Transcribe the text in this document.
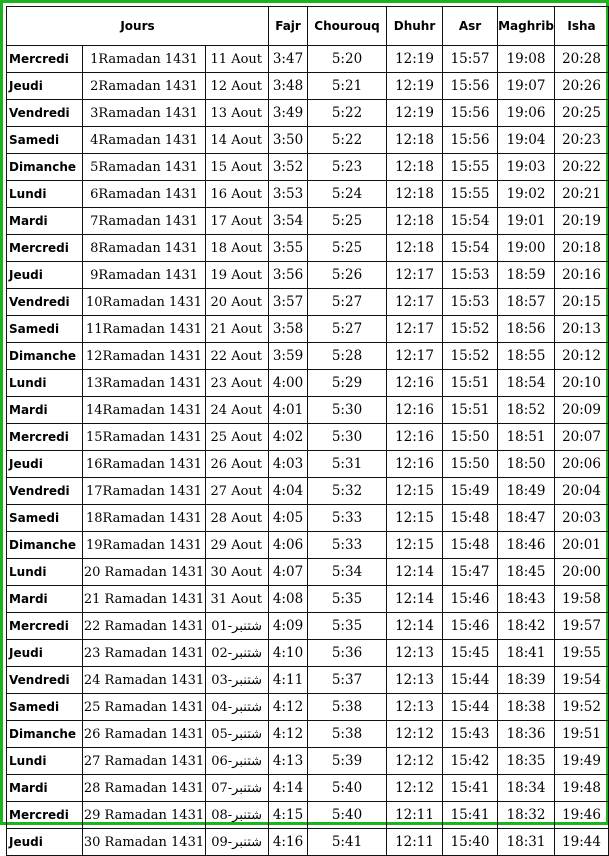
Jours			Fajr	Chourouq	Dhuhr	Asr	Maghrib	Isha
Mercredi	1Ramadan 1431	11 Aout	3:47	5:20	12:19	15:57	19:08	20:28
Jeudi	2Ramadan 1431	12 Aout	3:48	5:21	12:19	15:56	19:07	20:26
Vendredi	3Ramadan 1431	13 Aout	3:49	5:22	12:19	15:56	19:06	20:25
Samedi	4Ramadan 1431	14 Aout	3:50	5:22	12:18	15:56	19:04	20:23
Dimanche	5Ramadan 1431	15 Aout	3:52	5:23	12:18	15:55	19:03	20:22
Lundi	6Ramadan 1431	16 Aout	3:53	5:24	12:18	15:55	19:02	20:21
Mardi	7Ramadan 1431	17 Aout	3:54	5:25	12:18	15:54	19:01	20:19
Mercredi	8Ramadan 1431	18 Aout	3:55	5:25	12:18	15:54	19:00	20:18
Jeudi	9Ramadan 1431	19 Aout	3:56	5:26	12:17	15:53	18:59	20:16
Vendredi	10Ramadan 1431	20 Aout	3:57	5:27	12:17	15:53	18:57	20:15
Samedi	11Ramadan 1431	21 Aout	3:58	5:27	12:17	15:52	18:56	20:13
Dimanche	12Ramadan 1431	22 Aout	3:59	5:28	12:17	15:52	18:55	20:12
Lundi	13Ramadan 1431	23 Aout	4:00	5:29	12:16	15:51	18:54	20:10
Mardi	14Ramadan 1431	24 Aout	4:01	5:30	12:16	15:51	18:52	20:09
Mercredi	15Ramadan 1431	25 Aout	4:02	5:30	12:16	15:50	18:51	20:07
Jeudi	16Ramadan 1431	26 Aout	4:03	5:31	12:16	15:50	18:50	20:06
Vendredi	17Ramadan 1431	27 Aout	4:04	5:32	12:15	15:49	18:49	20:04
Samedi	18Ramadan 1431	28 Aout	4:05	5:33	12:15	15:48	18:47	20:03
Dimanche	19Ramadan 1431	29 Aout	4:06	5:33	12:15	15:48	18:46	20:01
Lundi	20 Ramadan 1431	30 Aout	4:07	5:34	12:14	15:47	18:45	20:00
Mardi	21 Ramadan 1431	31 Aout	4:08	5:35	12:14	15:46	18:43	19:58
Mercredi	22 Ramadan 1431	01-شتنبر	4:09	5:35	12:14	15:46	18:42	19:57
Jeudi	23 Ramadan 1431	02-شتنبر	4:10	5:36	12:13	15:45	18:41	19:55
Vendredi	24 Ramadan 1431	03-شتنبر	4:11	5:37	12:13	15:44	18:39	19:54
Samedi	25 Ramadan 1431	04-شتنبر	4:12	5:38	12:13	15:44	18:38	19:52
Dimanche	26 Ramadan 1431	05-شتنبر	4:12	5:38	12:12	15:43	18:36	19:51
Lundi	27 Ramadan 1431	06-شتنبر	4:13	5:39	12:12	15:42	18:35	19:49
Mardi	28 Ramadan 1431	07-شتنبر	4:14	5:40	12:12	15:41	18:34	19:48
Mercredi	29 Ramadan 1431	08-شتنبر	4:15	5:40	12:11	15:41	18:32	19:46
Jeudi	30 Ramadan 1431	09-شتنبر	4:16	5:41	12:11	15:40	18:31	19:44
